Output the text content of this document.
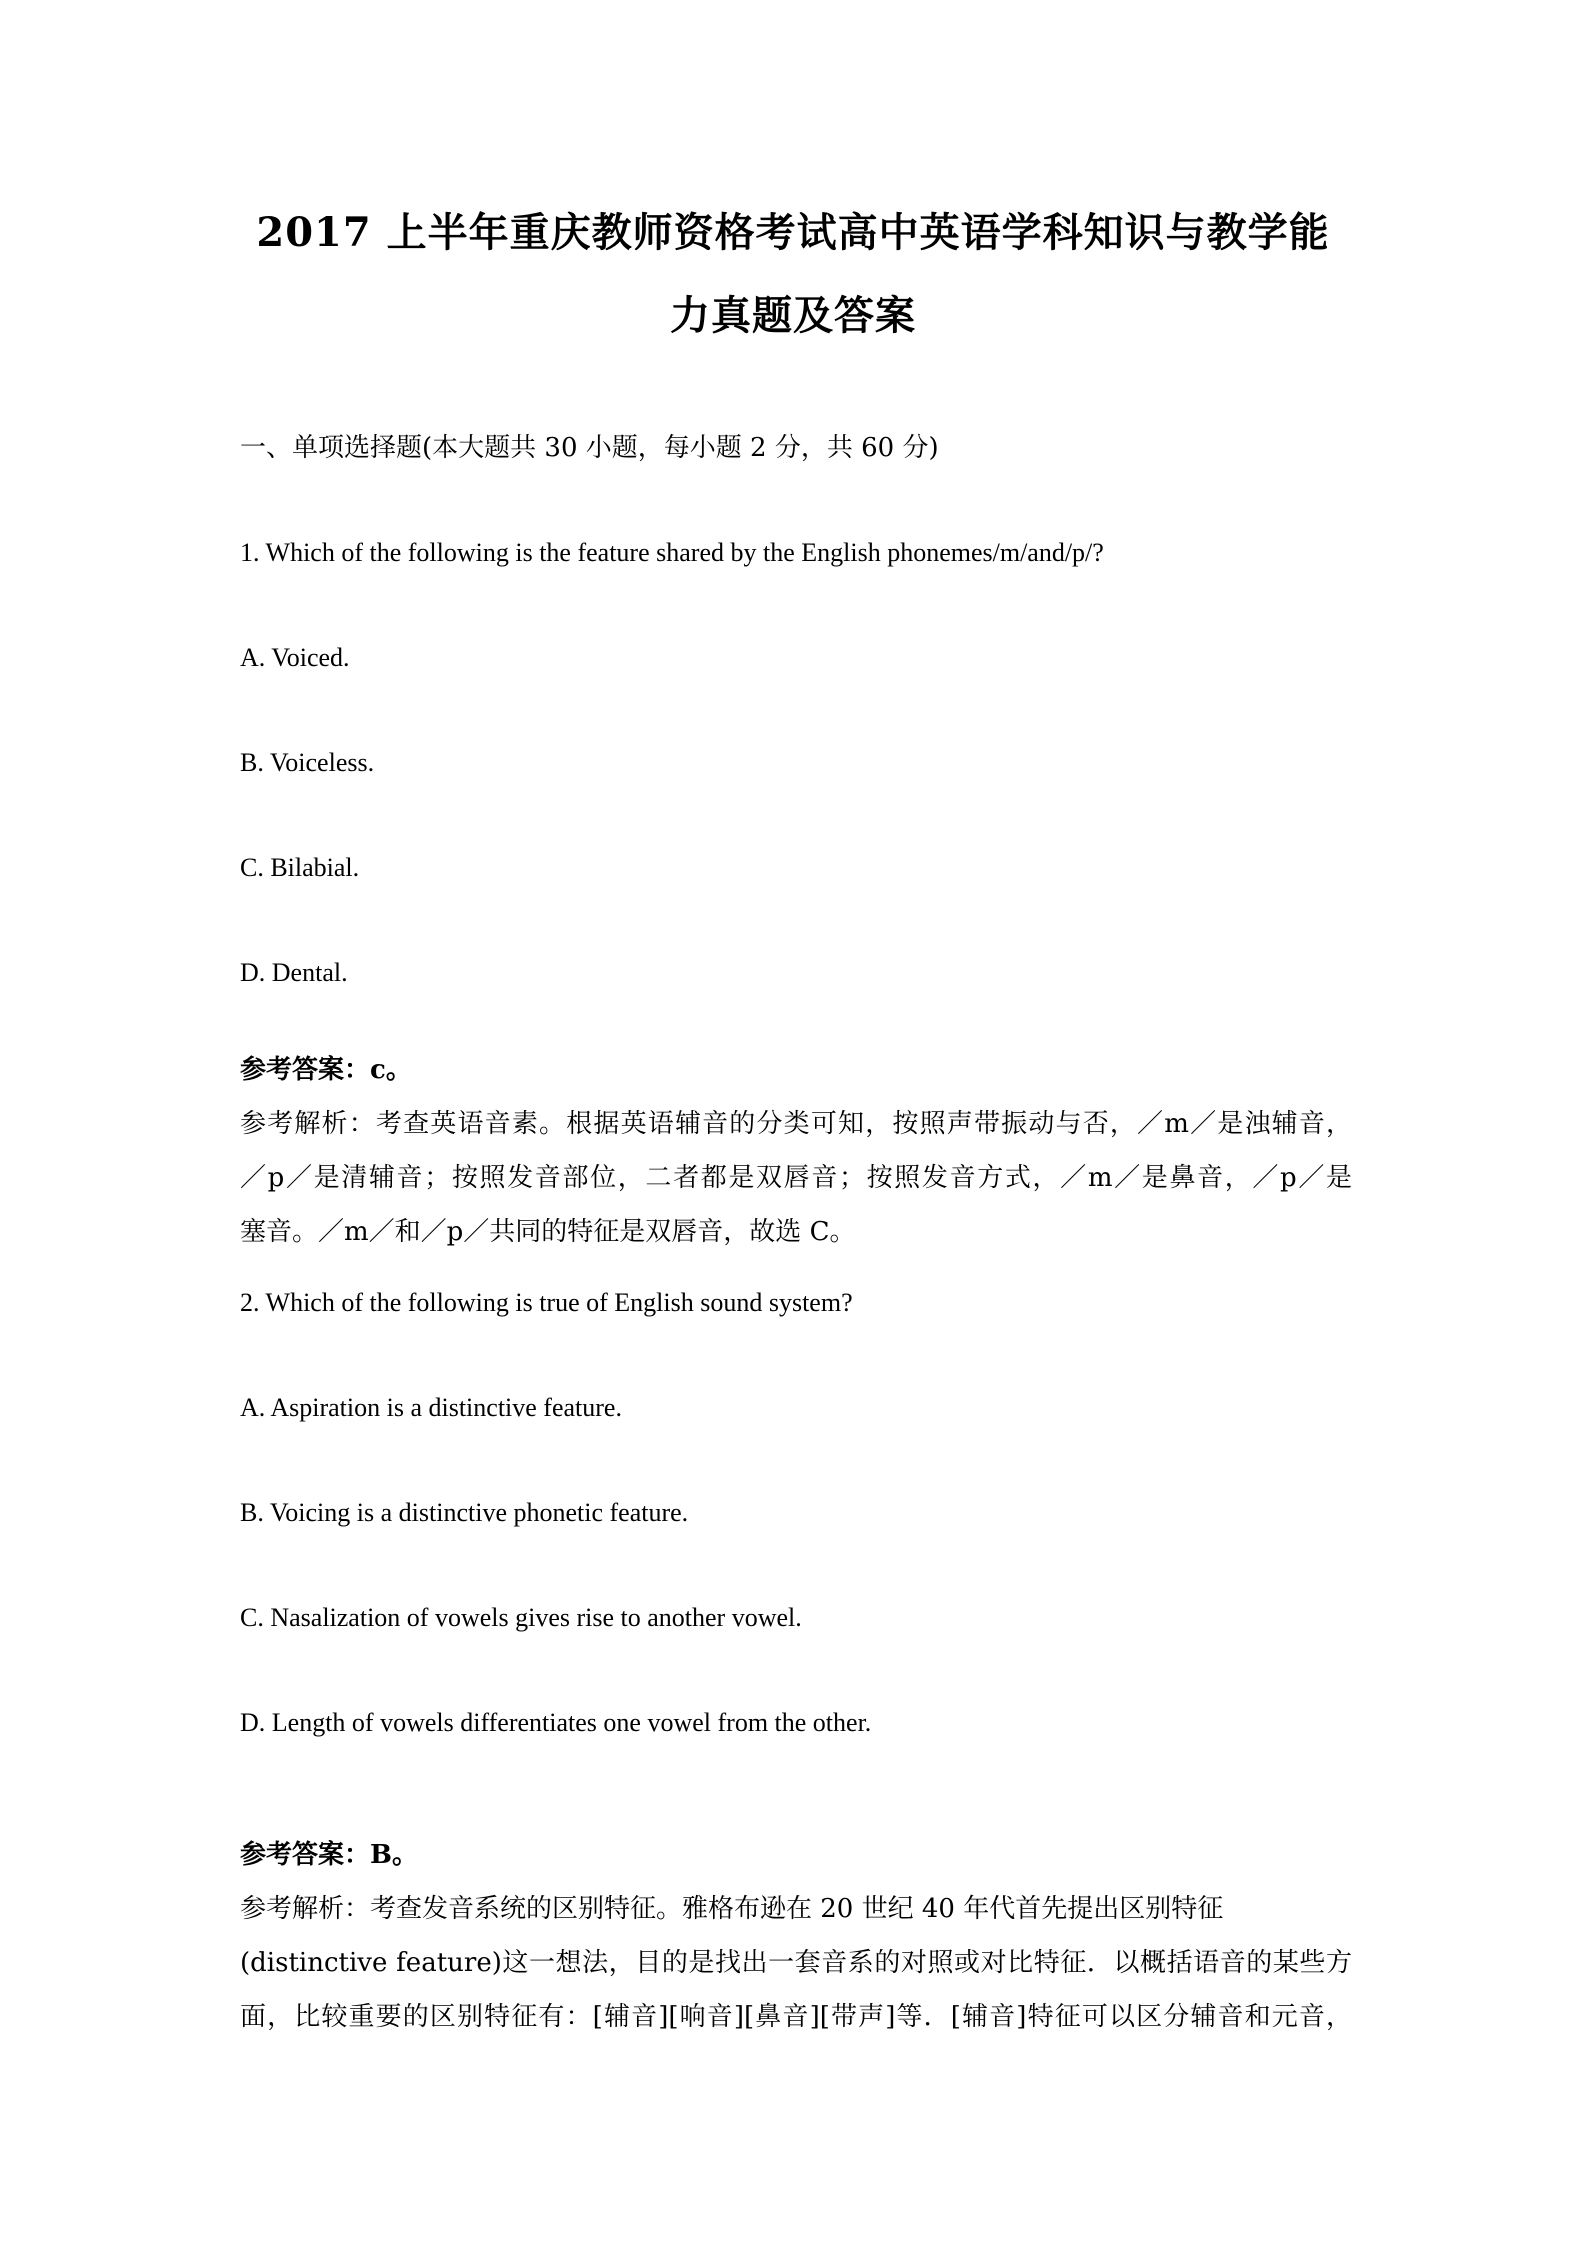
2017 上半年重庆教师资格考试高中英语学科知识与教学能
力真题及答案
一、单项选择题(本大题共 30 小题，每小题 2 分，共 60 分)
1. Which of the following is the feature shared by the English phonemes/m/and/p/?
A. Voiced.
B. Voiceless.
C. Bilabial.
D. Dental.
参考答案：c。
参考解析：考查英语音素。根据英语辅音的分类可知，按照声带振动与否，／m／是浊辅音，
／p／是清辅音；按照发音部位，二者都是双唇音；按照发音方式，／m／是鼻音，／p／是
塞音。／m／和／p／共同的特征是双唇音，故选 C。
2. Which of the following is true of English sound system?
A. Aspiration is a distinctive feature.
B. Voicing is a distinctive phonetic feature.
C. Nasalization of vowels gives rise to another vowel.
D. Length of vowels differentiates one vowel from the other.
参考答案：B。
参考解析：考查发音系统的区别特征。雅格布逊在 20 世纪 40 年代首先提出区别特征
(distinctive feature)这一想法，目的是找出一套音系的对照或对比特征．以概括语音的某些方
面，比较重要的区别特征有：[辅音][响音][鼻音][带声]等．[辅音]特征可以区分辅音和元音，
